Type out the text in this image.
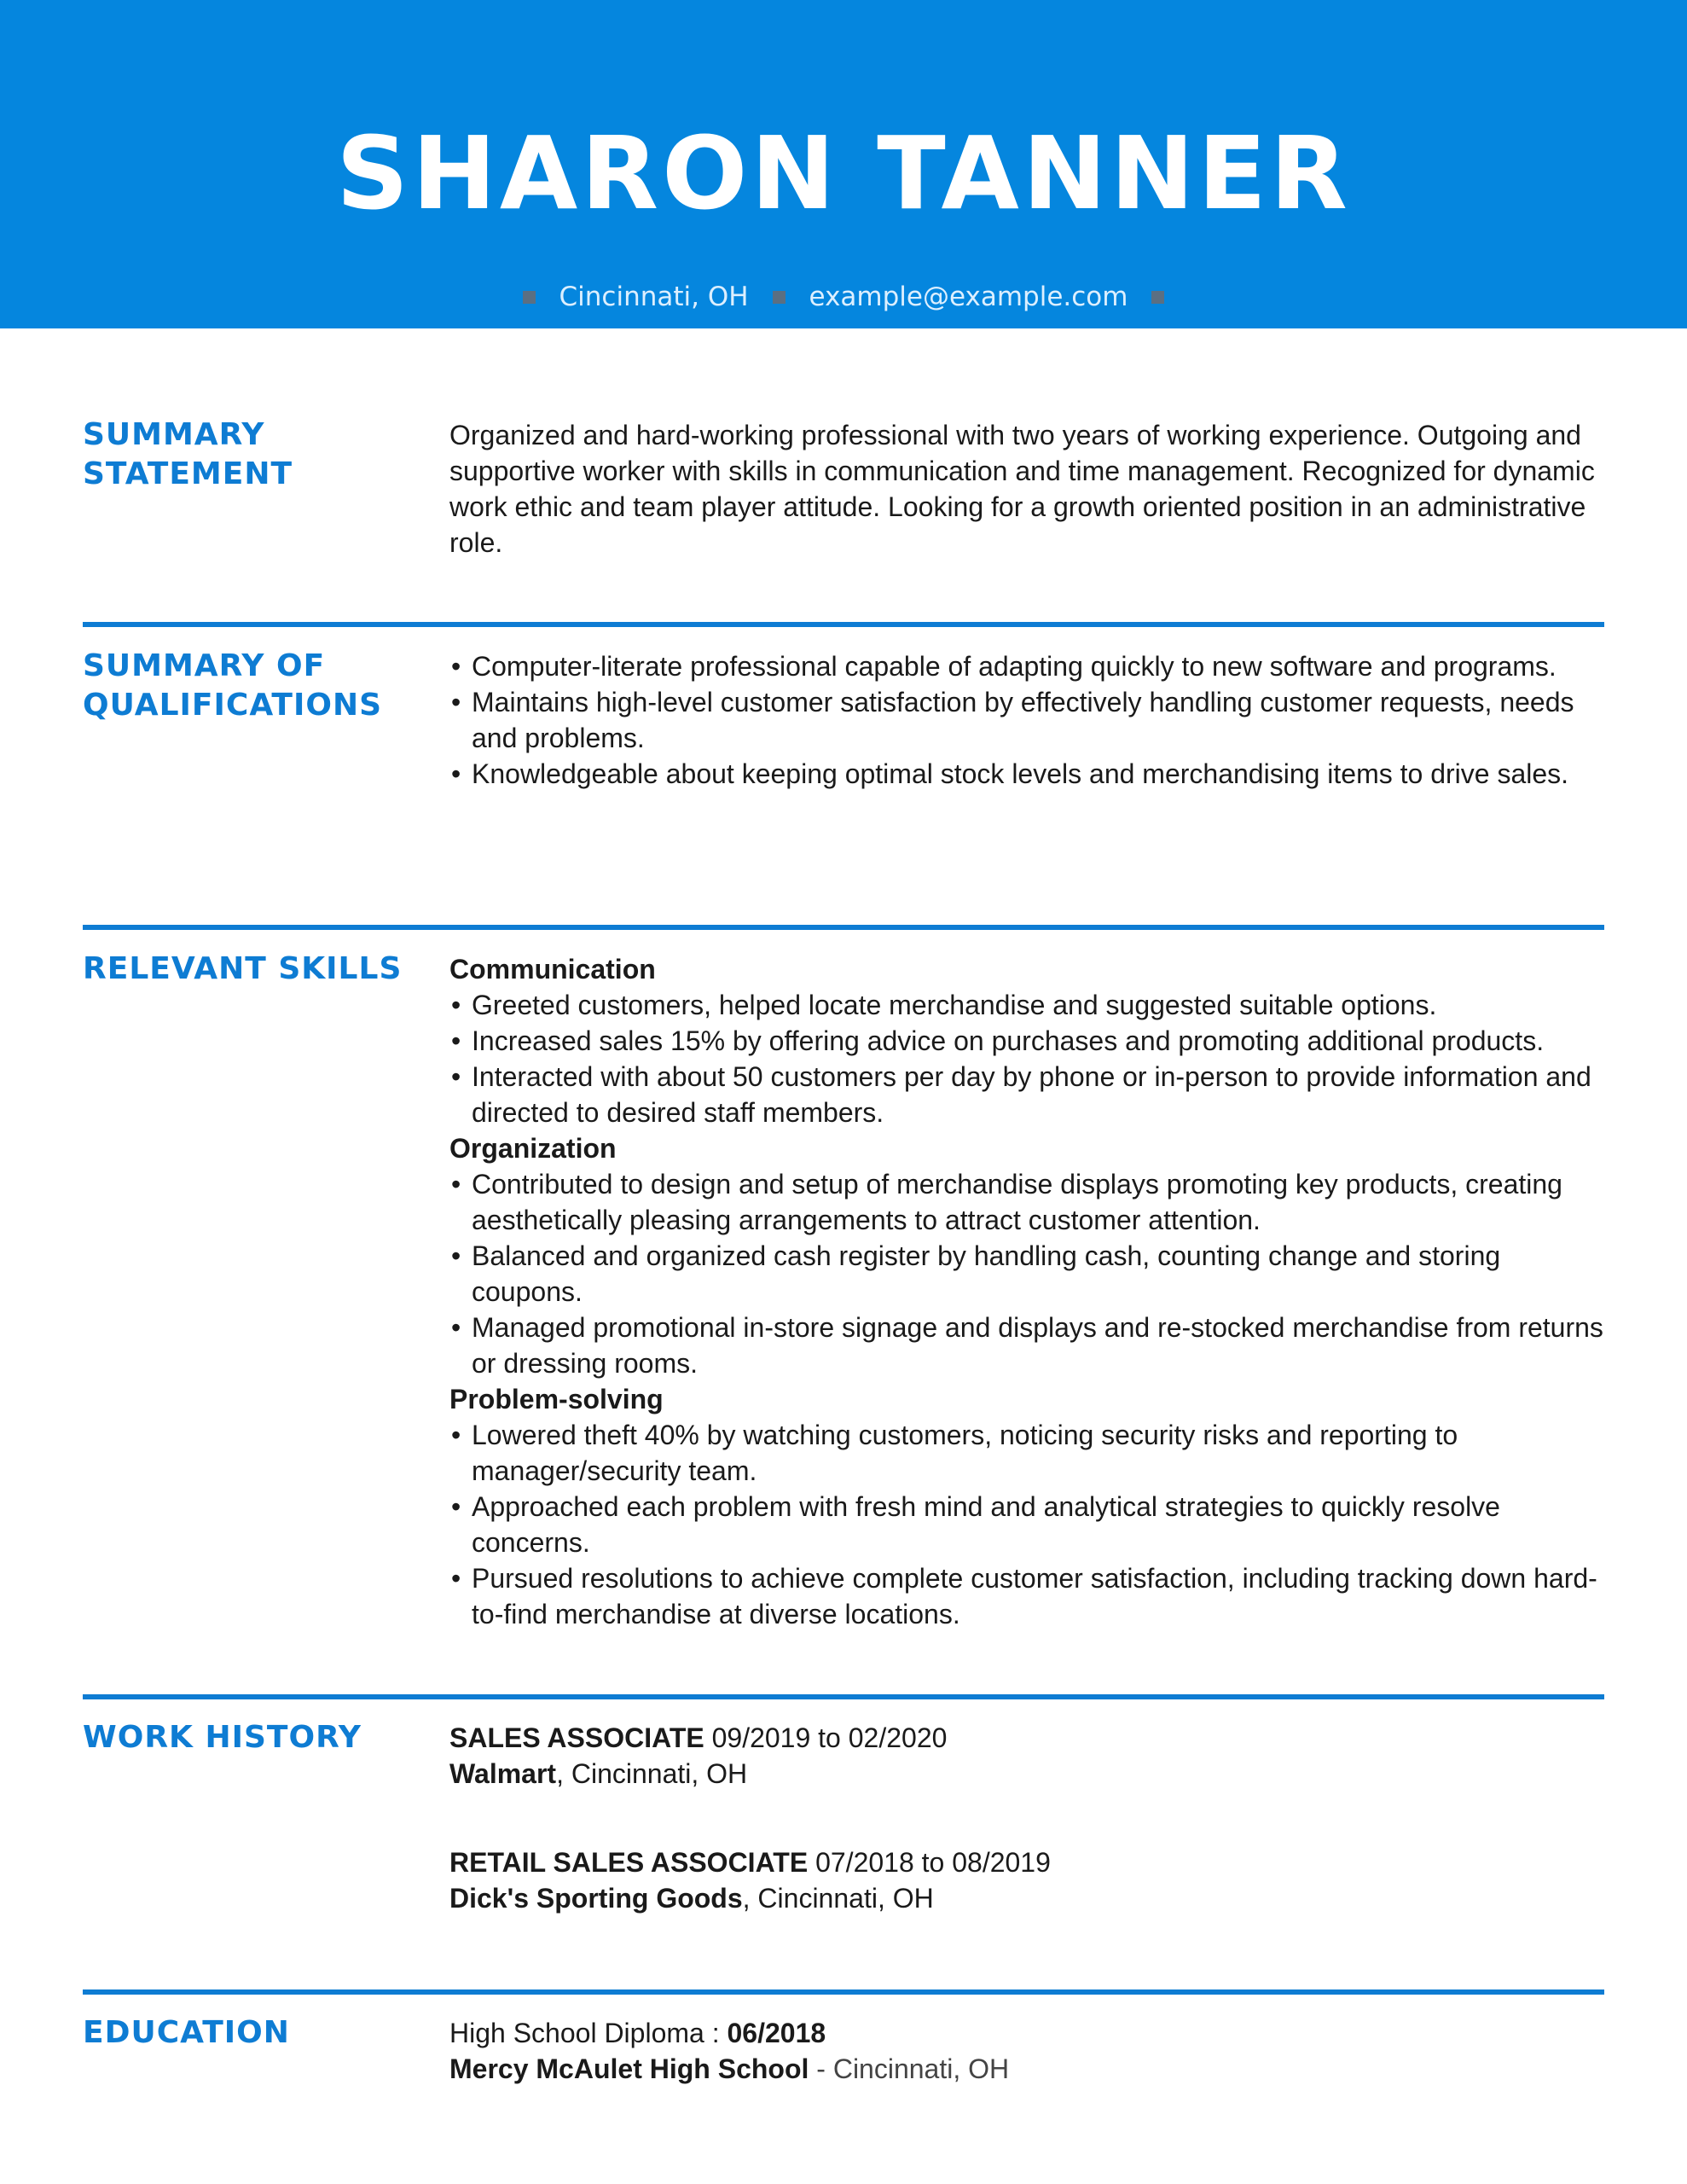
SHARON TANNER
Cincinnati, OH example@example.com
SUMMARY
STATEMENT

Organized and hard-working professional with two years of working experience. Outgoing and supportive worker with skills in communication and time management. Recognized for dynamic work ethic and team player attitude. Looking for a growth oriented position in an administrative role.

SUMMARY OF
QUALIFICATIONS
• Computer-literate professional capable of adapting quickly to new software and programs.
• Maintains high-level customer satisfaction by effectively handling customer requests, needs and problems.
• Knowledgeable about keeping optimal stock levels and merchandising items to drive sales.
RELEVANT SKILLS	Communication
• Greeted customers, helped locate merchandise and suggested suitable options.
• Increased sales 15% by offering advice on purchases and promoting additional products.
• Interacted with about 50 customers per day by phone or in-person to provide information and directed to desired staff members.
Organization
• Contributed to design and setup of merchandise displays promoting key products, creating aesthetically pleasing arrangements to attract customer attention.
• Balanced and organized cash register by handling cash, counting change and storing coupons.
• Managed promotional in-store signage and displays and re-stocked merchandise from returns or dressing rooms.
Problem-solving
• Lowered theft 40% by watching customers, noticing security risks and reporting to manager/security team.
• Approached each problem with fresh mind and analytical strategies to quickly resolve concerns.
• Pursued resolutions to achieve complete customer satisfaction, including tracking down hard-to-find merchandise at diverse locations.
WORK HISTORY	SALES ASSOCIATE 09/2019 to 02/2020
Walmart, Cincinnati, OH
RETAIL SALES ASSOCIATE 07/2018 to 08/2019
Dick's Sporting Goods, Cincinnati, OH
EDUCATION	High School Diploma : 06/2018
Mercy McAulet High School - Cincinnati, OH
